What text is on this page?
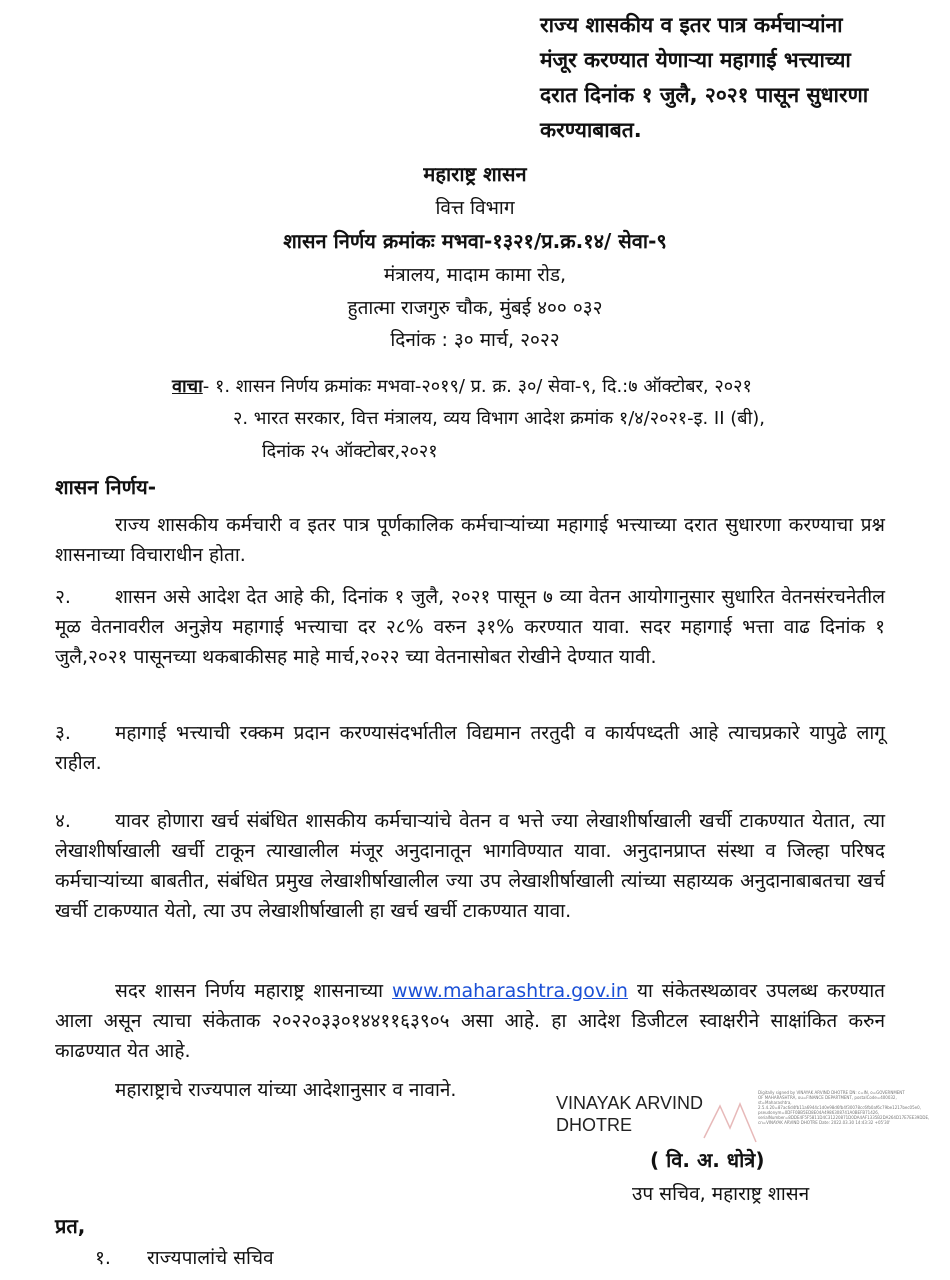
राज्य शासकीय व इतर पात्र कर्मचाऱ्यांना
मंजूर करण्यात येणाऱ्या महागाई भत्त्याच्या
दरात दिनांक १ जुलै, २०२१ पासून सुधारणा
करण्याबाबत.
महाराष्ट्र शासन
वित्त विभाग
शासन निर्णय क्रमांकः मभवा-१३२१/प्र.क्र.१४/ सेवा-९
मंत्रालय, मादाम कामा रोड,
हुतात्मा राजगुरु चौक, मुंबई ४०० ०३२
दिनांक : ३० मार्च, २०२२
वाचा- १. शासन निर्णय क्रमांकः मभवा-२०१९/ प्र. क्र. ३०/ सेवा-९, दि.:७ ऑक्टोबर, २०२१
२. भारत सरकार, वित्त मंत्रालय, व्यय विभाग आदेश क्रमांक १/४/२०२१-इ. II (बी),
दिनांक २५ ऑक्टोबर,२०२१
शासन निर्णय-
राज्य शासकीय कर्मचारी व इतर पात्र पूर्णकालिक कर्मचाऱ्यांच्या महागाई भत्त्याच्या दरात सुधारणा करण्याचा प्रश्न शासनाच्या विचाराधीन होता.
२. शासन असे आदेश देत आहे की, दिनांक १ जुलै, २०२१ पासून ७ व्या वेतन आयोगानुसार सुधारित वेतनसंरचनेतील मूळ वेतनावरील अनुज्ञेय महागाई भत्त्याचा दर २८% वरुन ३१% करण्यात यावा. सदर महागाई भत्ता वाढ दिनांक १ जुलै,२०२१ पासूनच्या थकबाकीसह माहे मार्च,२०२२ च्या वेतनासोबत रोखीने देण्यात यावी.
३. महागाई भत्त्याची रक्कम प्रदान करण्यासंदर्भातील विद्यमान तरतुदी व कार्यपध्दती आहे त्याचप्रकारे यापुढे लागू राहील.
४. यावर होणारा खर्च संबंधित शासकीय कर्मचाऱ्यांचे वेतन व भत्ते ज्या लेखाशीर्षाखाली खर्ची टाकण्यात येतात, त्या लेखाशीर्षाखाली खर्ची टाकून त्याखालील मंजूर अनुदानातून भागविण्यात यावा. अनुदानप्राप्त संस्था व जिल्हा परिषद कर्मचाऱ्यांच्या बाबतीत, संबंधित प्रमुख लेखाशीर्षाखालील ज्या उप लेखाशीर्षाखाली त्यांच्या सहाय्यक अनुदानाबाबतचा खर्च खर्ची टाकण्यात येतो, त्या उप लेखाशीर्षाखाली हा खर्च खर्ची टाकण्यात यावा.
सदर शासन निर्णय महाराष्ट्र शासनाच्या www.maharashtra.gov.in या संकेतस्थळावर उपलब्ध करण्यात आला असून त्याचा संकेताक २०२२०३३०१४४११६३९०५ असा आहे. हा आदेश डिजीटल स्वाक्षरीने साक्षांकित करुन काढण्यात येत आहे.
महाराष्ट्राचे राज्यपाल यांच्या आदेशानुसार व नावाने.
VINAYAK ARVIND
DHOTRE
Digitally signed by VINAYAK ARVIND DHOTRE DN: c=IN, o=GOVERNMENT OF MAHARASHTRA, ou=FINANCE DEPARTMENT, postalCode=400032, st=Maharashtra, 2.5.4.20=87ac6d4fb11a6944c1d0e98d6fb4f30078cc6fb0af6c79be1217bec05e0, pseudonym=0DFF0BB5ED8E04A4986308741A0BEFB71426, serialNumber=8DDE4F5F5811D4C31220871D0DA4AF1335B2DA264D17E7EE39DDE, cn=VINAYAK ARVIND DHOTRE Date: 2022.03.30 14:43:32 +05'30'
( वि. अ. धोत्रे)
उप सचिव, महाराष्ट्र शासन
प्रत,
१. राज्यपालांचे सचिव
